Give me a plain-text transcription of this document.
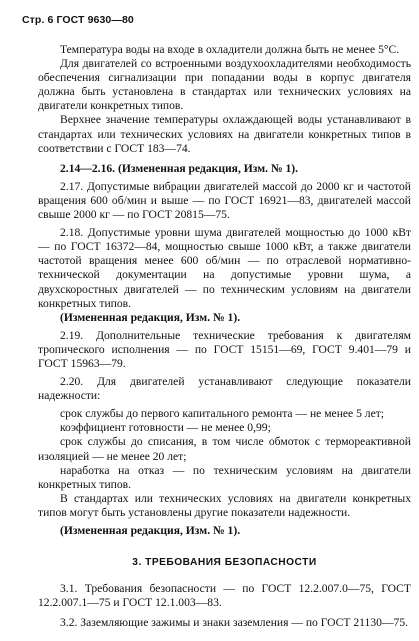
Стр. 6 ГОСТ 9630—80

Температура воды на входе в охладители должна быть не менее 5°С.

Для двигателей со встроенными воздухоохладителями необходимость обеспечения сигнализации при попадании воды в корпус двигателя должна быть установлена в стандартах или технических условиях на двигатели конкретных типов.

Верхнее значение температуры охлаждающей воды устанавливают в стандартах или технических условиях на двигатели конкретных типов в соответствии с ГОСТ 183—74.

2.14—2.16. (Измененная редакция, Изм. № 1).

2.17. Допустимые вибрации двигателей массой до 2000 кг и частотой вращения 600 об/мин и выше — по ГОСТ 16921—83, двигателей массой свыше 2000 кг — по ГОСТ 20815—75.

2.18. Допустимые уровни шума двигателей мощностью до 1000 кВт — по ГОСТ 16372—84, мощностью свыше 1000 кВт, а также двигатели частотой вращения менее 600 об/мин — по отраслевой нормативно-технической документации на допустимые уровни шума, а двухскоростных двигателей — по техническим условиям на двигатели конкретных типов.

(Измененная редакция, Изм. № 1).

2.19. Дополнительные технические требования к двигателям тропического исполнения — по ГОСТ 15151—69, ГОСТ 9.401—79 и ГОСТ 15963—79.

2.20. Для двигателей устанавливают следующие показатели надежности:

срок службы до первого капитального ремонта — не менее 5 лет;

коэффициент готовности — не менее 0,99;

срок службы до списания, в том числе обмоток с термореактивной изоляцией — не менее 20 лет;

наработка на отказ — по техническим условиям на двигатели конкретных типов.

В стандартах или технических условиях на двигатели конкретных типов могут быть установлены другие показатели надежности.

(Измененная редакция, Изм. № 1).

3. ТРЕБОВАНИЯ БЕЗОПАСНОСТИ

3.1. Требования безопасности — по ГОСТ 12.2.007.0—75, ГОСТ 12.2.007.1—75 и ГОСТ 12.1.003—83.

3.2. Заземляющие зажимы и знаки заземления — по ГОСТ 21130—75.
